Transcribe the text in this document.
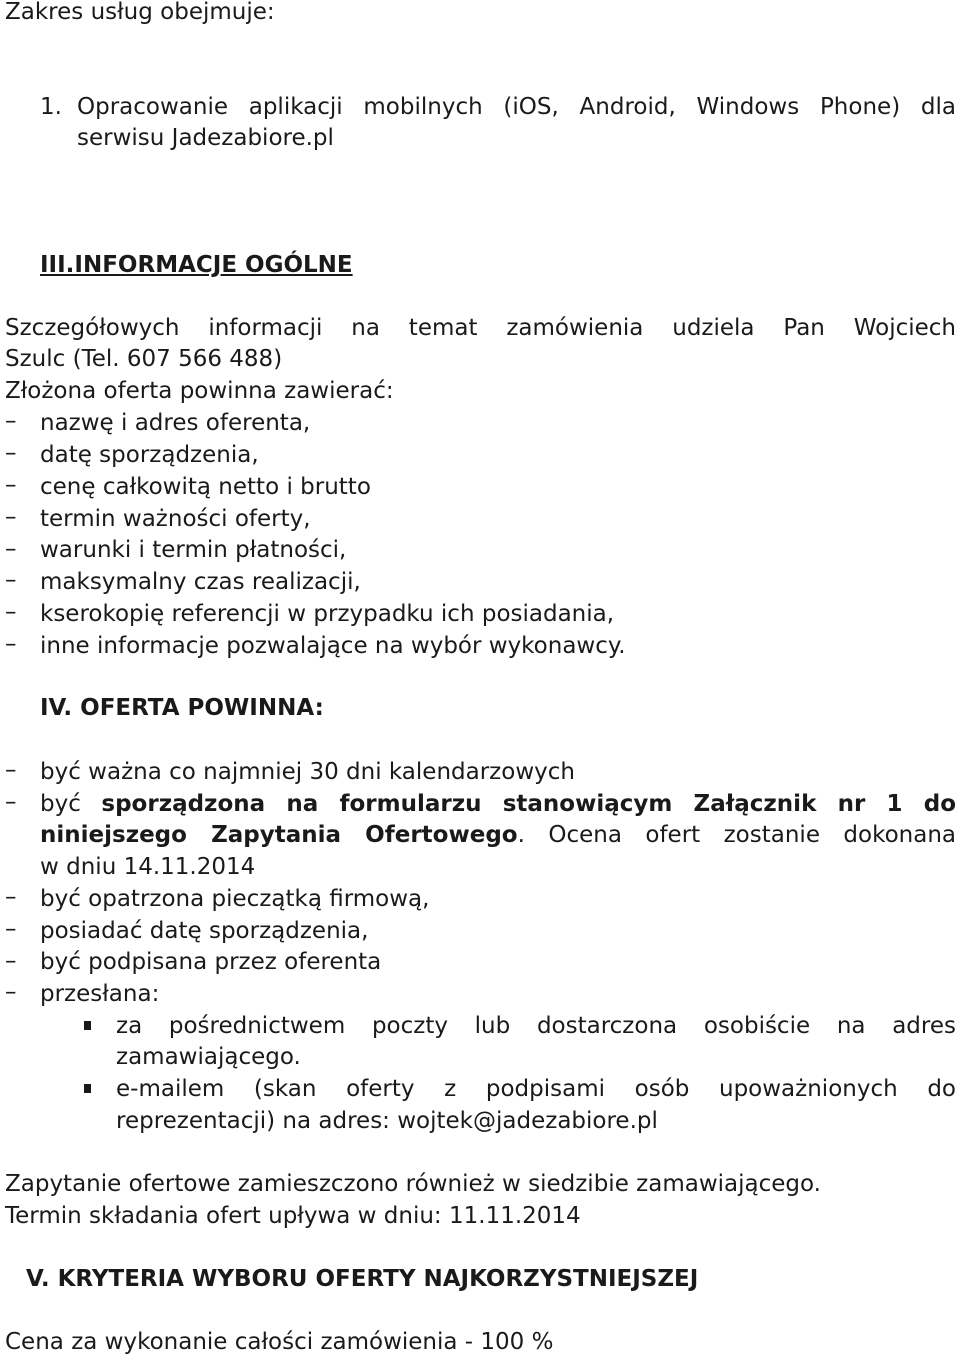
Zakres usług obejmuje:
1. Opracowanie aplikacji mobilnych (iOS, Android, Windows Phone) dla
serwisu Jadezabiore.pl
III.INFORMACJE OGÓLNE
Szczegółowych informacji na temat zamówienia udziela Pan Wojciech
Szulc (Tel. 607 566 488)
Złożona oferta powinna zawierać:
–	nazwę i adres oferenta,
–	datę sporządzenia,
–	cenę całkowitą netto i brutto
–	termin ważności oferty,
–	warunki i termin płatności,
–	maksymalny czas realizacji,
–	kserokopię referencji w przypadku ich posiadania,
–	inne informacje pozwalające na wybór wykonawcy.
IV. OFERTA POWINNA:
–	być ważna co najmniej 30 dni kalendarzowych
–	być sporządzona na formularzu stanowiącym Załącznik nr 1 do
niniejszego Zapytania Ofertowego. Ocena ofert zostanie dokonana
w dniu 14.11.2014
–	być opatrzona pieczątką firmową,
–	posiadać datę sporządzenia,
–	być podpisana przez oferenta
–	przesłana:
za pośrednictwem poczty lub dostarczona osobiście na adres
zamawiającego.
e-mailem (skan oferty z podpisami osób upoważnionych do
reprezentacji) na adres: wojtek@jadezabiore.pl
Zapytanie ofertowe zamieszczono również w siedzibie zamawiającego.
Termin składania ofert upływa w dniu: 11.11.2014
V. KRYTERIA WYBORU OFERTY NAJKORZYSTNIEJSZEJ
Cena za wykonanie całości zamówienia - 100 %
